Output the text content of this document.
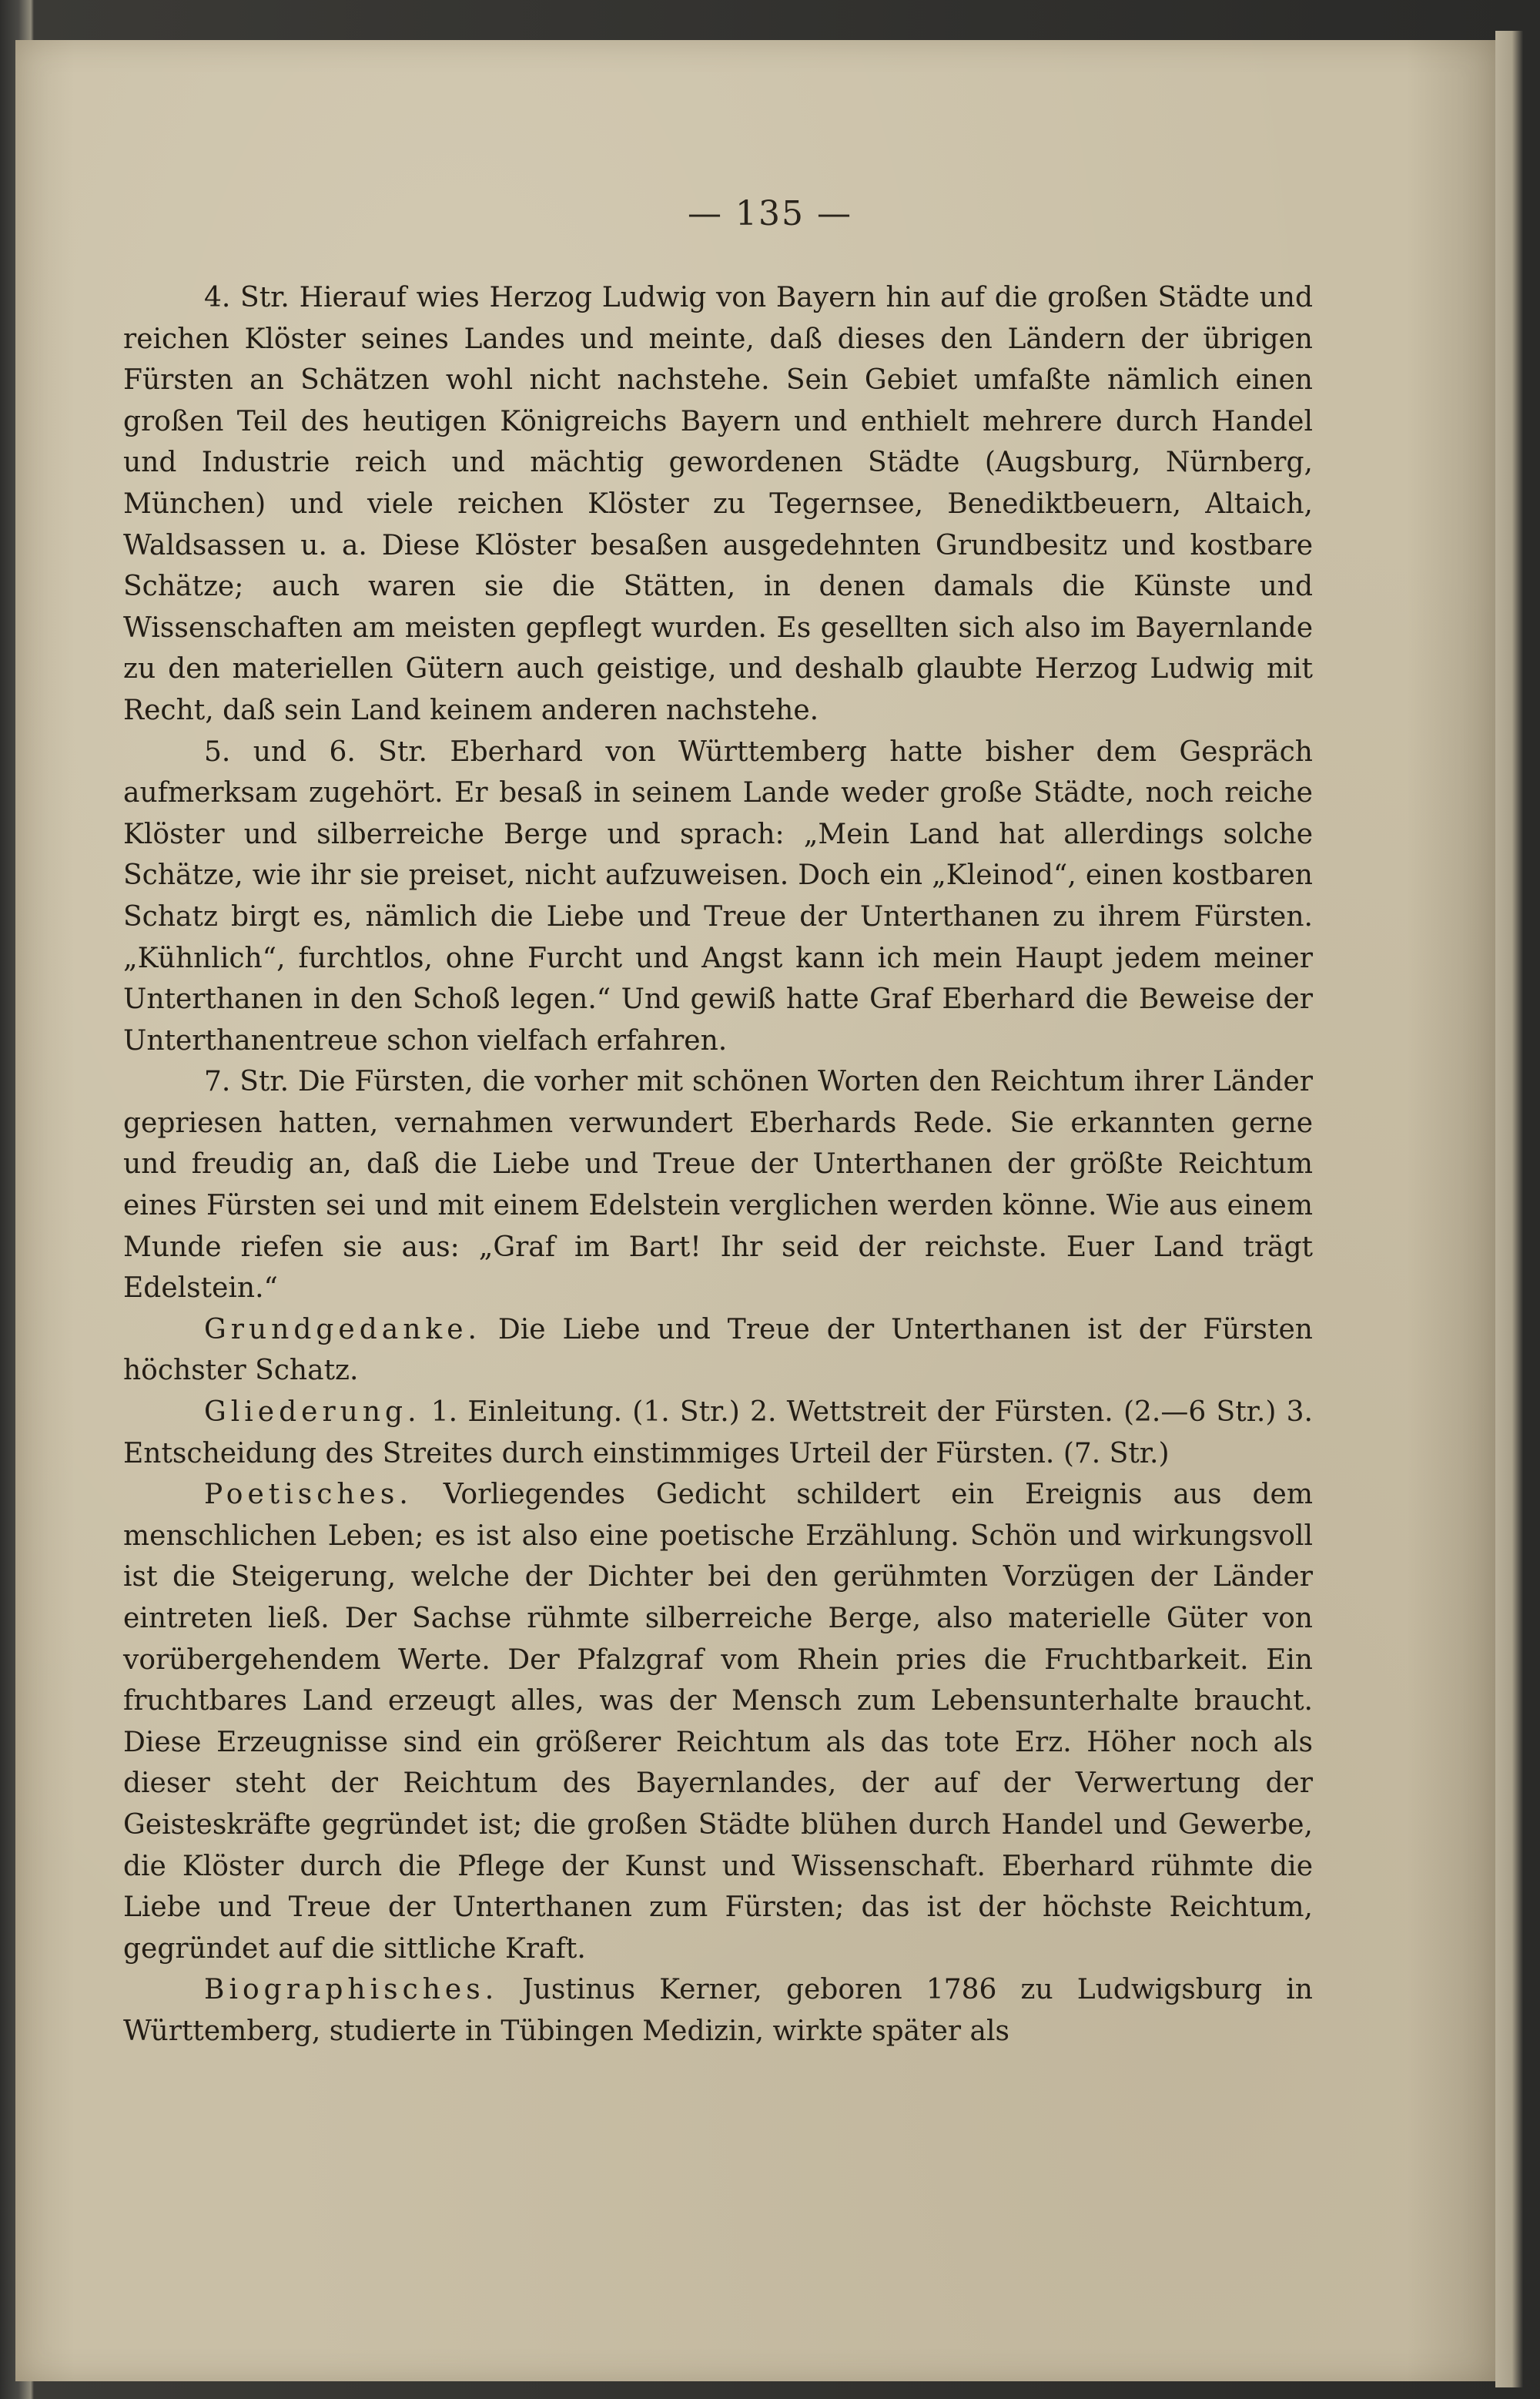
— 135 —

4. Str. Hierauf wies Herzog Ludwig von Bayern hin auf die großen Städte und reichen Klöster seines Landes und meinte, daß dieses den Ländern der übrigen Fürsten an Schätzen wohl nicht nachstehe. Sein Gebiet umfaßte nämlich einen großen Teil des heutigen Königreichs Bayern und enthielt mehrere durch Handel und Industrie reich und mächtig gewordenen Städte (Augsburg, Nürnberg, München) und viele reichen Klöster zu Tegernsee, Benediktbeuern, Altaich, Waldsassen u. a. Diese Klöster besaßen ausgedehnten Grundbesitz und kostbare Schätze; auch waren sie die Stätten, in denen damals die Künste und Wissenschaften am meisten gepflegt wurden. Es gesellten sich also im Bayernlande zu den materiellen Gütern auch geistige, und deshalb glaubte Herzog Ludwig mit Recht, daß sein Land keinem anderen nachstehe.

5. und 6. Str. Eberhard von Württemberg hatte bisher dem Gespräch aufmerksam zugehört. Er besaß in seinem Lande weder große Städte, noch reiche Klöster und silberreiche Berge und sprach: „Mein Land hat allerdings solche Schätze, wie ihr sie preiset, nicht aufzuweisen. Doch ein „Kleinod“, einen kostbaren Schatz birgt es, nämlich die Liebe und Treue der Unterthanen zu ihrem Fürsten. „Kühnlich“, furchtlos, ohne Furcht und Angst kann ich mein Haupt jedem meiner Unterthanen in den Schoß legen.“ Und gewiß hatte Graf Eberhard die Beweise der Unterthanentreue schon vielfach erfahren.

7. Str. Die Fürsten, die vorher mit schönen Worten den Reichtum ihrer Länder gepriesen hatten, vernahmen verwundert Eberhards Rede. Sie erkannten gerne und freudig an, daß die Liebe und Treue der Unterthanen der größte Reichtum eines Fürsten sei und mit einem Edelstein verglichen werden könne. Wie aus einem Munde riefen sie aus: „Graf im Bart! Ihr seid der reichste. Euer Land trägt Edelstein.“

Grundgedanke. Die Liebe und Treue der Unterthanen ist der Fürsten höchster Schatz.

Gliederung. 1. Einleitung. (1. Str.) 2. Wettstreit der Fürsten. (2.—6 Str.) 3. Entscheidung des Streites durch einstimmiges Urteil der Fürsten. (7. Str.)

Poetisches. Vorliegendes Gedicht schildert ein Ereignis aus dem menschlichen Leben; es ist also eine poetische Erzählung. Schön und wirkungsvoll ist die Steigerung, welche der Dichter bei den gerühmten Vorzügen der Länder eintreten ließ. Der Sachse rühmte silberreiche Berge, also materielle Güter von vorübergehendem Werte. Der Pfalzgraf vom Rhein pries die Fruchtbarkeit. Ein fruchtbares Land erzeugt alles, was der Mensch zum Lebensunterhalte braucht. Diese Erzeugnisse sind ein größerer Reichtum als das tote Erz. Höher noch als dieser steht der Reichtum des Bayernlandes, der auf der Verwertung der Geisteskräfte gegründet ist; die großen Städte blühen durch Handel und Gewerbe, die Klöster durch die Pflege der Kunst und Wissenschaft. Eberhard rühmte die Liebe und Treue der Unterthanen zum Fürsten; das ist der höchste Reichtum, gegründet auf die sittliche Kraft.

Biographisches. Justinus Kerner, geboren 1786 zu Ludwigsburg in Württemberg, studierte in Tübingen Medizin, wirkte später als
